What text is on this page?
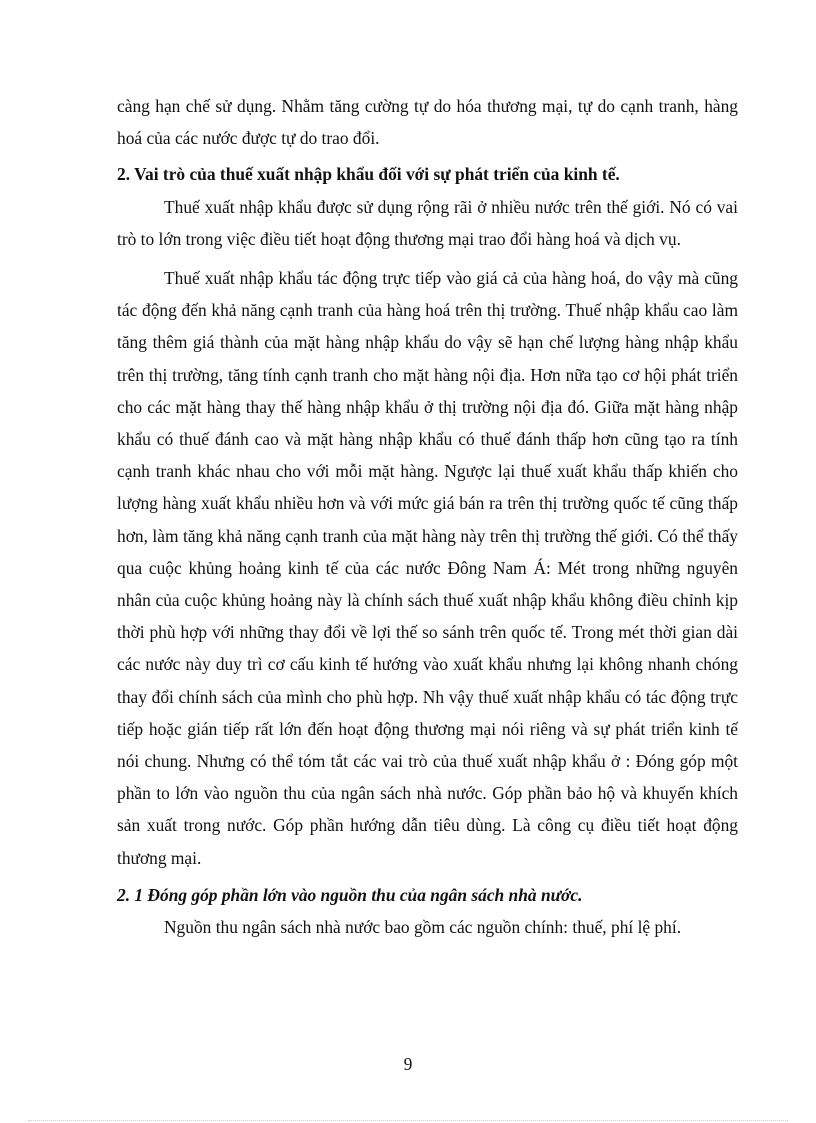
càng hạn chế sử dụng. Nhằm tăng cường tự do hóa thương mại, tự do cạnh tranh, hàng hoá của các nước được tự do trao đổi.

2. Vai trò của thuế xuất nhập khẩu đối với sự phát triển của kinh tế.

Thuế xuất nhập khẩu được sử dụng rộng rãi ở nhiều nước trên thế giới. Nó có vai trò to lớn trong việc điều tiết hoạt động thương mại trao đổi hàng hoá và dịch vụ.

Thuế xuất nhập khẩu tác động trực tiếp vào giá cả của hàng hoá, do vậy mà cũng tác động đến khả năng cạnh tranh của hàng hoá trên thị trường. Thuế nhập khẩu cao làm tăng thêm giá thành của mặt hàng nhập khẩu do vậy sẽ hạn chế lượng hàng nhập khẩu trên thị trường, tăng tính cạnh tranh cho mặt hàng nội địa. Hơn nữa tạo cơ hội phát triển cho các mặt hàng thay thế hàng nhập khẩu ở thị trường nội địa đó. Giữa mặt hàng nhập khẩu có thuế đánh cao và mặt hàng nhập khẩu có thuế đánh thấp hơn cũng tạo ra tính cạnh tranh khác nhau cho với mỗi mặt hàng. Ngược lại thuế xuất khẩu thấp khiến cho lượng hàng xuất khẩu nhiều hơn và với mức giá bán ra trên thị trường quốc tế cũng thấp hơn, làm tăng khả năng cạnh tranh của mặt hàng này trên thị trường thế giới. Có thể thấy qua cuộc khủng hoảng kinh tế của các nước Đông Nam Á: Mét trong những nguyên nhân của cuộc khủng hoảng này là chính sách thuế xuất nhập khẩu không điều chỉnh kịp thời phù hợp với những thay đổi về lợi thế so sánh trên quốc tế. Trong mét thời gian dài các nước này duy trì cơ cấu kinh tế hướng vào xuất khẩu nhưng lại không nhanh chóng thay đổi chính sách của mình cho phù hợp. Nh vậy thuế xuất nhập khẩu có tác động trực tiếp hoặc gián tiếp rất lớn đến hoạt động thương mại nói riêng và sự phát triển kinh tế nói chung. Nhưng có thể tóm tắt các vai trò của thuế xuất nhập khẩu ở : Đóng góp một phần to lớn vào nguồn thu của ngân sách nhà nước. Góp phần bảo hộ và khuyến khích sản xuất trong nước. Góp phần hướng dẫn tiêu dùng. Là công cụ điều tiết hoạt động thương mại.

2. 1 Đóng góp phần lớn vào nguồn thu của ngân sách nhà nước.

Nguồn thu ngân sách nhà nước bao gồm các nguồn chính: thuế, phí lệ phí.

9
